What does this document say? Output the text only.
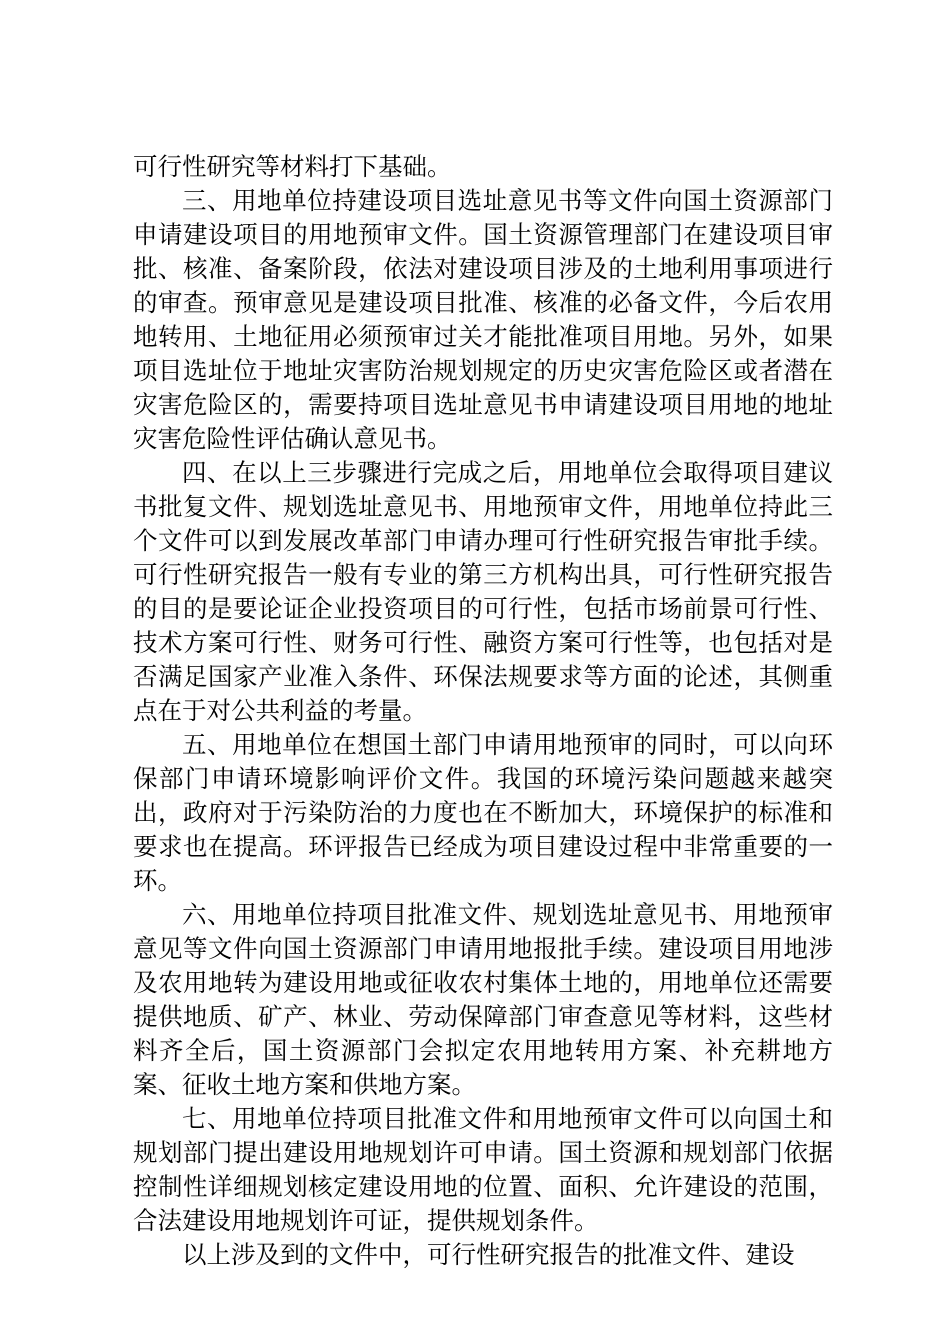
可行性研究等材料打下基础。

三、用地单位持建设项目选址意见书等文件向国土资源部门申请建设项目的用地预审文件。国土资源管理部门在建设项目审批、核准、备案阶段，依法对建设项目涉及的土地利用事项进行的审查。预审意见是建设项目批准、核准的必备文件，今后农用地转用、土地征用必须预审过关才能批准项目用地。另外，如果项目选址位于地址灾害防治规划规定的历史灾害危险区或者潜在灾害危险区的，需要持项目选址意见书申请建设项目用地的地址灾害危险性评估确认意见书。

四、在以上三步骤进行完成之后，用地单位会取得项目建议书批复文件、规划选址意见书、用地预审文件，用地单位持此三个文件可以到发展改革部门申请办理可行性研究报告审批手续。可行性研究报告一般有专业的第三方机构出具，可行性研究报告的目的是要论证企业投资项目的可行性，包括市场前景可行性、技术方案可行性、财务可行性、融资方案可行性等，也包括对是否满足国家产业准入条件、环保法规要求等方面的论述，其侧重点在于对公共利益的考量。

五、用地单位在想国土部门申请用地预审的同时，可以向环保部门申请环境影响评价文件。我国的环境污染问题越来越突出，政府对于污染防治的力度也在不断加大，环境保护的标准和要求也在提高。环评报告已经成为项目建设过程中非常重要的一环。

六、用地单位持项目批准文件、规划选址意见书、用地预审意见等文件向国土资源部门申请用地报批手续。建设项目用地涉及农用地转为建设用地或征收农村集体土地的，用地单位还需要提供地质、矿产、林业、劳动保障部门审查意见等材料，这些材料齐全后，国土资源部门会拟定农用地转用方案、补充耕地方案、征收土地方案和供地方案。

七、用地单位持项目批准文件和用地预审文件可以向国土和规划部门提出建设用地规划许可申请。国土资源和规划部门依据控制性详细规划核定建设用地的位置、面积、允许建设的范围，合法建设用地规划许可证，提供规划条件。

以上涉及到的文件中，可行性研究报告的批准文件、建设
